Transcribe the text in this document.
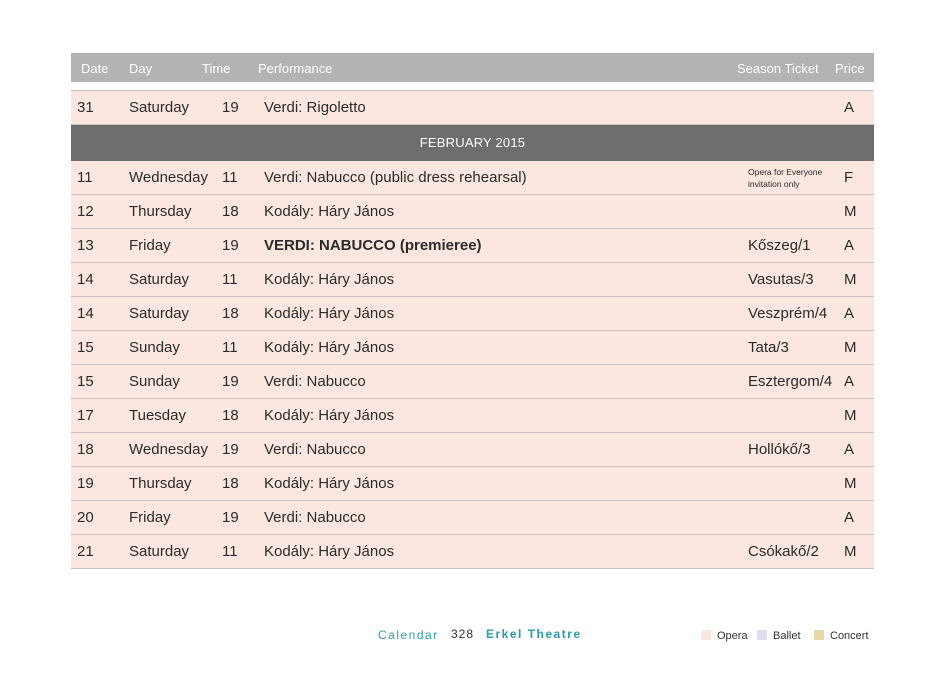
Date Day	Time Performance	Season Ticket Price
31 Saturday 19 Verdi: Rigoletto	A
FEBRUARY 2015
11 Wednesday 11 Verdi: Nabucco (public dress rehearsal)	Opera for Everyone
invitation only	F
12 Thursday 18 Kodály: Háry János	M
13 Friday	19 VERDI: NABUCCO (premieree)	Kőszeg/1 A
14 Saturday 11 Kodály: Háry János	Vasutas/3 M
14 Saturday 18 Kodály: Háry János	Veszprém/4 A
15 Sunday	11 Kodály: Háry János	Tata/3	M
15 Sunday	19 Verdi: Nabucco	Esztergom/4 A
17 Tuesday 18 Kodály: Háry János	M
18 Wednesday 19 Verdi: Nabucco	Hollókő/3 A
19 Thursday 18 Kodály: Háry János	M
20 Friday	19 Verdi: Nabucco	A
21 Saturday 11 Kodály: Háry János	Csókakő/2 M
Calendar 328 Erkel Theatre	Opera	Ballet	Concert
